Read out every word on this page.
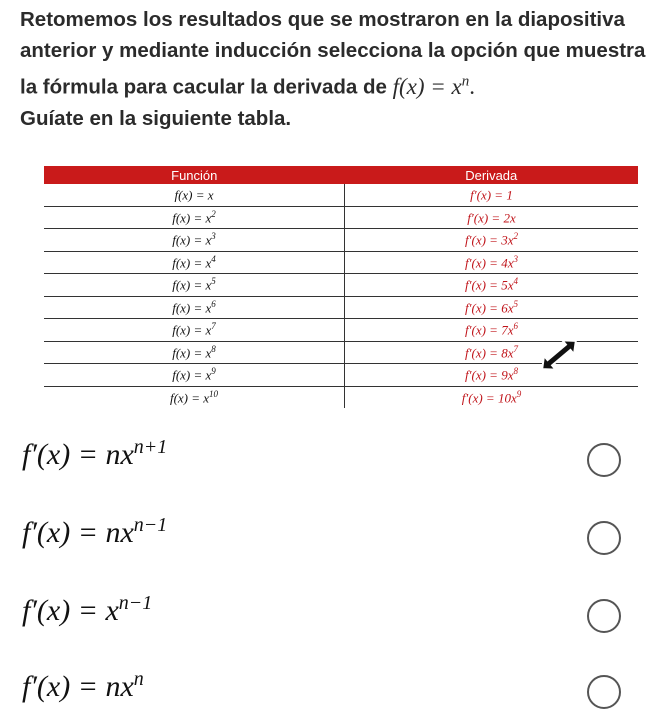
Retomemos los resultados que se mostraron en la diapositiva anterior y mediante inducción selecciona la opción que muestra la fórmula para cacular la derivada de $f(x) = x^n$.
Guíate en la siguiente tabla.
Función	Derivada
f(x) = x	f′(x) = 1
$f(x) = x^2$	f′(x) = 2x
$f(x) = x^3$	$f'(x) = 3x^2$
$f(x) = x^4$	$f'(x) = 4x^3$
$f(x) = x^5$	$f'(x) = 5x^4$
$f(x) = x^6$	$f'(x) = 6x^5$
$f(x) = x^7$	$f'(x) = 7x^6$
$f(x) = x^8$	$f'(x) = 8x^7$
$f(x) = x^9$	$f'(x) = 9x^8$
$f(x) = x^{10}$	$f'(x) = 10x^9$
$f'(x) = nx^{n+1}$
$f'(x) = nx^{n-1}$
$f'(x) = x^{n-1}$
$f'(x) = nx^n$
